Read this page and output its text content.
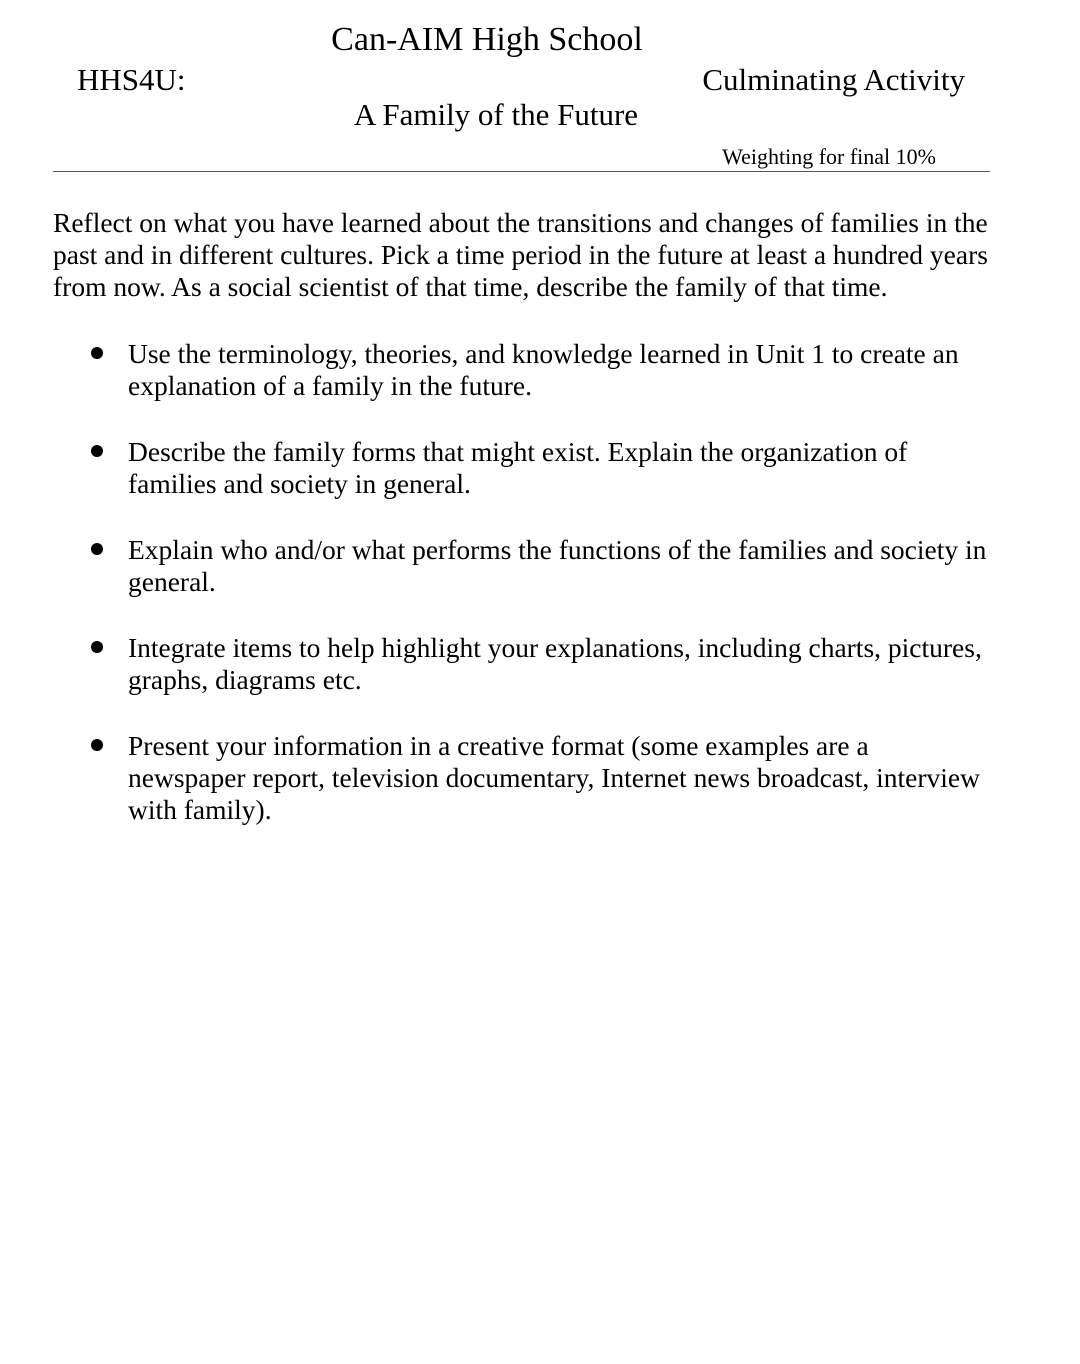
Can-AIM High School
HHS4U:	Culminating Activity
A Family of the Future
Weighting for final 10%

Reflect on what you have learned about the transitions and changes of families in the past and in different cultures. Pick a time period in the future at least a hundred years from now. As a social scientist of that time, describe the family of that time.

Use the terminology, theories, and knowledge learned in Unit 1 to create an explanation of a family in the future.
Describe the family forms that might exist. Explain the organization of families and society in general.
Explain who and/or what performs the functions of the families and society in general.
Integrate items to help highlight your explanations, including charts, pictures, graphs, diagrams etc.
Present your information in a creative format (some examples are a newspaper report, television documentary, Internet news broadcast, interview with family).
